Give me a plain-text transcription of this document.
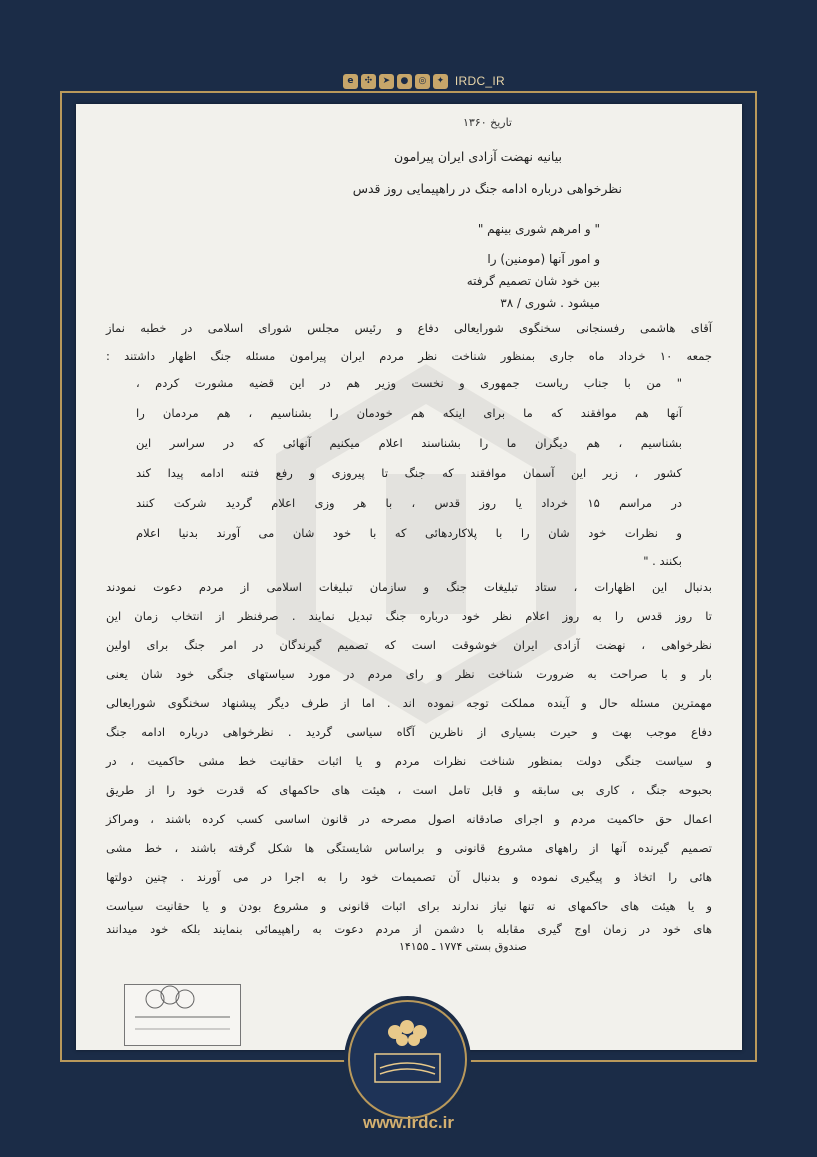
e	✣	➤	●	◎	✦ IRDC_IR
تاریخ ۱۳۶۰
بیانیه نهضت آزادی ایران پیرامون
نظرخواهی درباره ادامه جنگ در راهپیمایی روز قدس
" و امرهم شوری بینهم "
و امور آنها (مومنین) را
بین خود شان تصمیم گرفته
میشود . شوری / ۳۸
آقای هاشمی رفسنجانی سخنگوی شورایعالی دفاع و رئیس مجلس شورای اسلامی در خطبه نماز
جمعه ۱۰ خرداد ماه جاری بمنظور شناخت نظر مردم ایران پیرامون مسئله جنگ اظهار داشتند :
" من با جناب ریاست جمهوری و نخست وزیر هم در این قضیه مشورت کردم ،
آنها هم موافقند که ما برای اینکه هم خودمان را بشناسیم ، هم مردمان را
بشناسیم ، هم دیگران ما را بشناسند اعلام میکنیم آنهائی که در سراسر این
کشور ، زیر این آسمان موافقند که جنگ تا پیروزی و رفع فتنه ادامه پیدا کند
در مراسم ۱۵ خرداد یا روز قدس ، با هر وزی اعلام گردید شرکت کنند
و نظرات خود شان را با پلاکاردهائی که با خود شان می آورند بدنیا اعلام
بکنند . "
بدنبال این اظهارات ، ستاد تبلیغات جنگ و سازمان تبلیغات اسلامی از مردم دعوت نمودند
تا روز قدس را به روز اعلام نظر خود درباره جنگ تبدیل نمایند . صرفنظر از انتخاب زمان این
نظرخواهی ، نهضت آزادی ایران خوشوقت است که تصمیم گیرندگان در امر جنگ برای اولین
بار و با صراحت به ضرورت شناخت نظر و رای مردم در مورد سیاستهای جنگی خود شان یعنی
مهمترین مسئله حال و آینده مملکت توجه نموده اند . اما از طرف دیگر پیشنهاد سخنگوی شورایعالی
دفاع موجب بهت و حیرت بسیاری از ناظرین آگاه سیاسی گردید . نظرخواهی درباره ادامه جنگ
و سیاست جنگی دولت بمنظور شناخت نظرات مردم و یا اثبات حقانیت خط مشی حاکمیت ، در
بحبوحه جنگ ، کاری بی سابقه و قابل تامل است ، هیئت های حاکمهای که قدرت خود را از طریق
اعمال حق حاکمیت مردم و اجرای صادقانه اصول مصرحه در قانون اساسی کسب کرده باشند ، ومراکز
تصمیم گیرنده آنها از راههای مشروع قانونی و براساس شایستگی ها شکل گرفته باشند ، خط مشی
هائی را اتخاذ و پیگیری نموده و بدنبال آن تصمیمات خود را به اجرا در می آورند . چنین دولتها
و یا هیئت های حاکمهای نه تنها نیاز ندارند برای اثبات قانونی و مشروع بودن و یا حقانیت سیاست
های خود در زمان اوج گیری مقابله با دشمن از مردم دعوت به راهپیمائی بنمایند بلکه خود میدانند
صندوق بستی ۱۷۷۴ ـ ۱۴۱۵۵
www.irdc.ir
